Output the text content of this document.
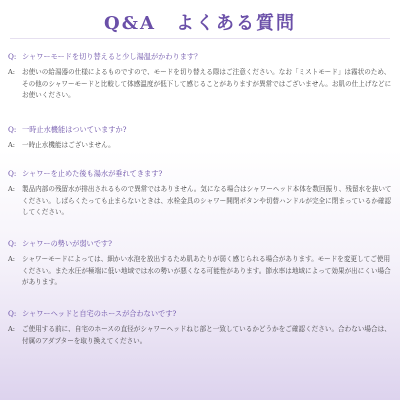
Q&A　よくある質問
Q: シャワーモードを切り替えると少し湯温がかわります？
A:	お使いの給湯器の仕様によるものですので、モードを切り替える際はご注意ください。なお「ミストモード」は霧状のため、その他のシャワーモードと比較して体感温度が低下して感じることがありますが異常ではございません。お肌の仕上げなどにお使いください。
Q: 一時止水機能はついていますか?
A:	一時止水機能はございません。
Q: シャワーを止めた後も湯水が垂れてきます?
A:	製品内部の残留水が排出されるもので異常ではありません。気になる場合はシャワーヘッド本体を数回振り、残留水を抜いてください。しばらくたっても止まらないときは、水栓金具のシャワー開閉ボタンや切替ハンドルが完全に閉まっているか確認してください。
Q: シャワーの勢いが弱いです?
A:	シャワーモードによっては、細かい水泡を放出するため肌あたりが弱く感じられる場合があります。モードを変更してご使用ください。また水圧が極端に低い地域では水の勢いが悪くなる可能性があります。節水率は地域によって効果が出にくい場合があります。
Q: シャワーヘッドと自宅のホースが合わないです?
A:	ご使用する前に、自宅のホースの直径がシャワーヘッドねじ部と一致しているかどうかをご確認ください。合わない場合は、付属のアダプターを取り換えてください。
